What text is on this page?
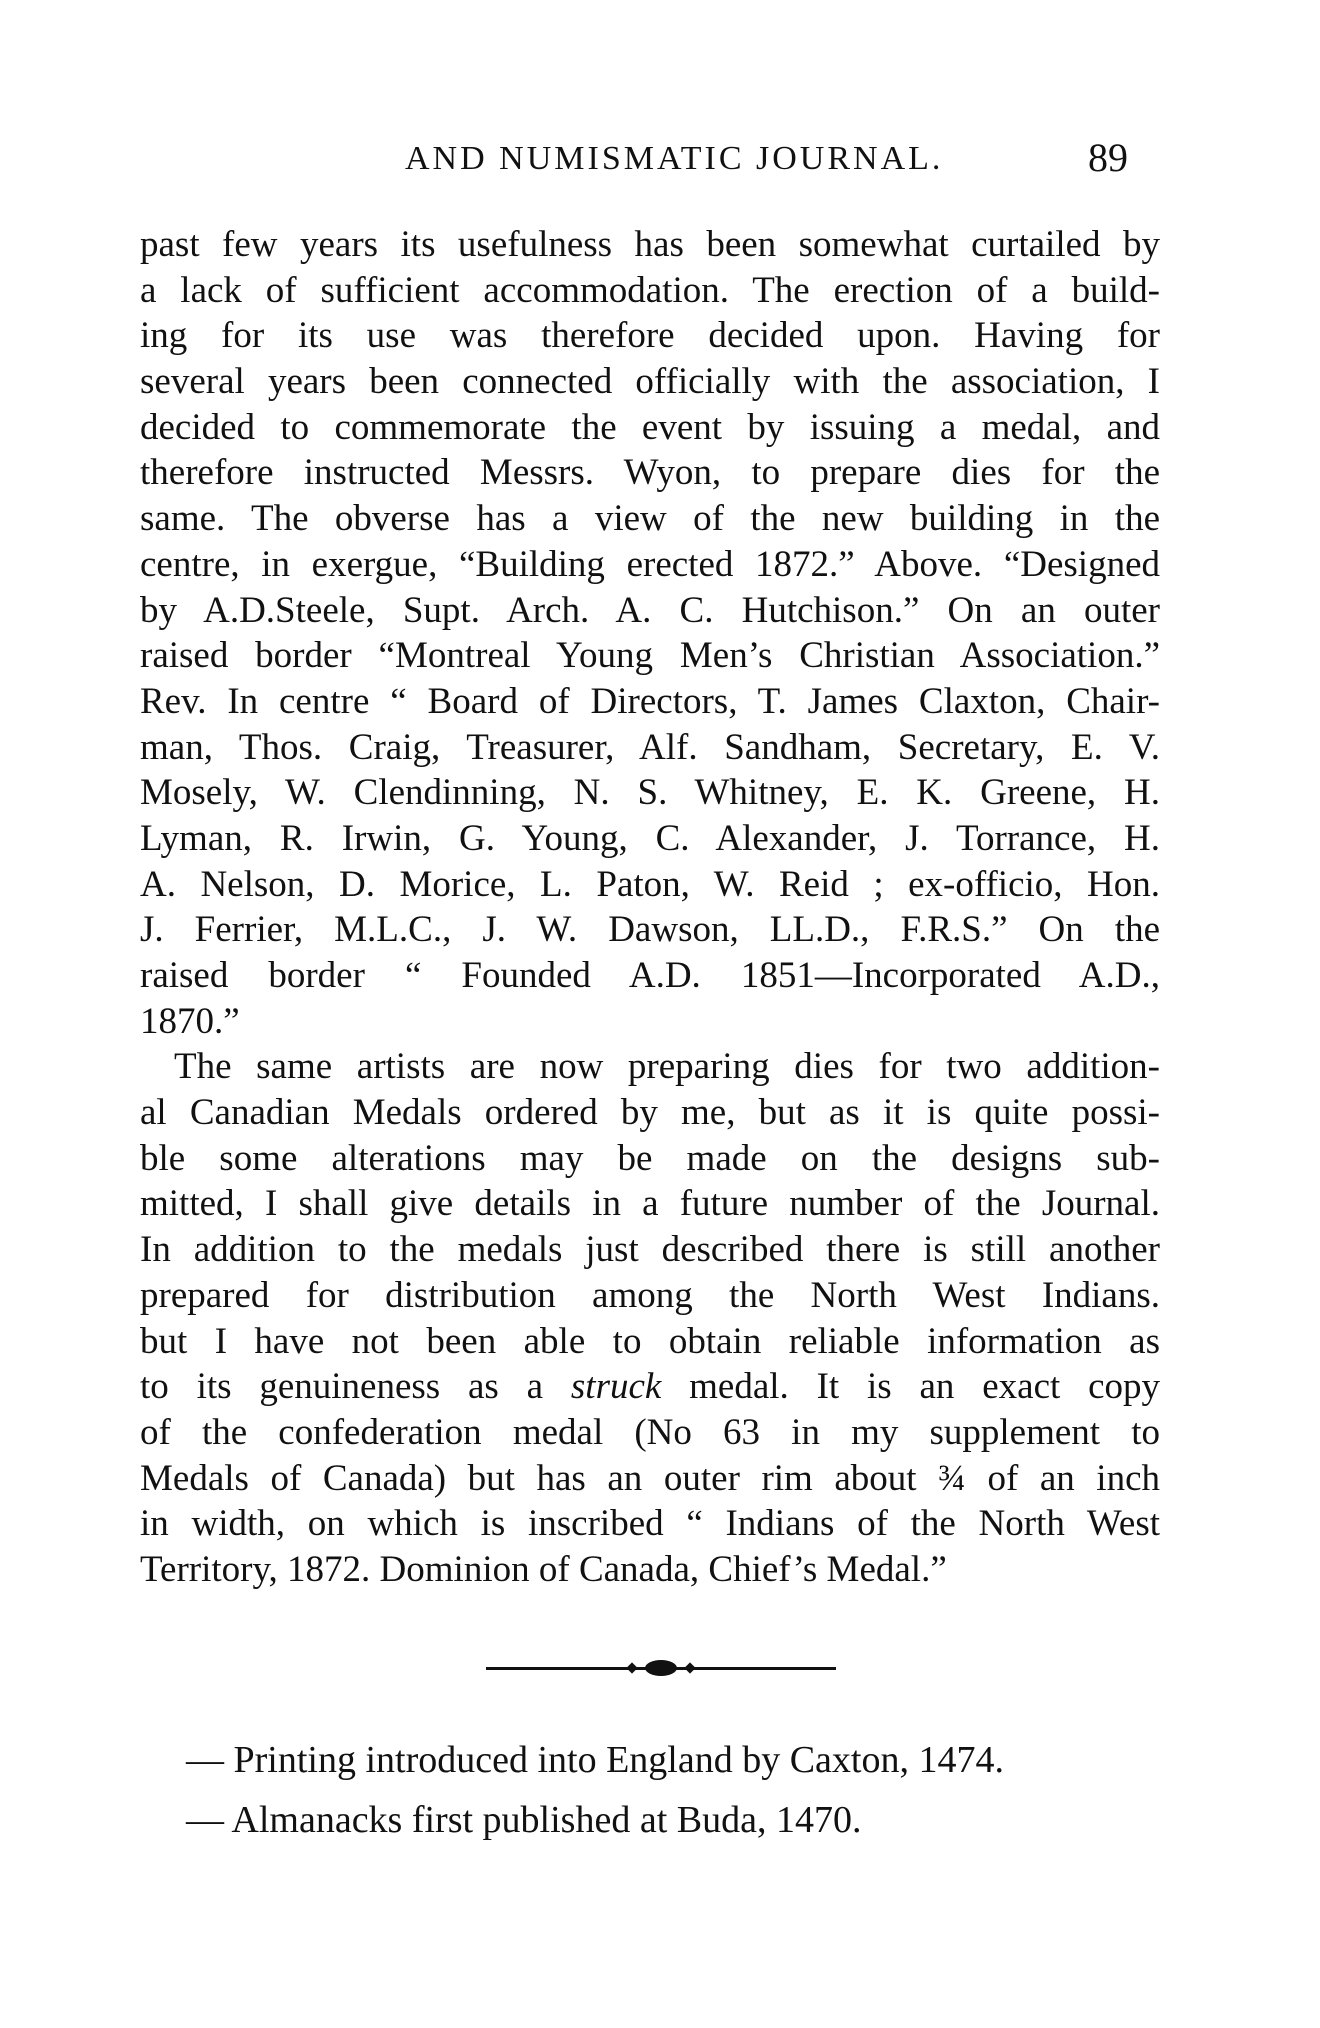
AND NUMISMATIC JOURNAL.	89
past few years its usefulness has been somewhat curtailed by
a lack of sufficient accommodation. The erection of a build-
ing for its use was therefore decided upon. Having for
several years been connected officially with the association, I
decided to commemorate the event by issuing a medal, and
therefore instructed Messrs. Wyon, to prepare dies for the
same. The obverse has a view of the new building in the
centre, in exergue, “Building erected 1872.” Above. “Designed
by A.D.Steele, Supt. Arch. A. C. Hutchison.” On an outer
raised border “Montreal Young Men’s Christian Association.”
Rev. In centre “ Board of Directors, T. James Claxton, Chair-
man, Thos. Craig, Treasurer, Alf. Sandham, Secretary, E. V.
Mosely, W. Clendinning, N. S. Whitney, E. K. Greene, H.
Lyman, R. Irwin, G. Young, C. Alexander, J. Torrance, H.
A. Nelson, D. Morice, L. Paton, W. Reid ; ex-officio, Hon.
J. Ferrier, M.L.C., J. W. Dawson, LL.D., F.R.S.” On the
raised border “ Founded A.D. 1851—Incorporated A.D.,
1870.”
The same artists are now preparing dies for two addition-
al Canadian Medals ordered by me, but as it is quite possi-
ble some alterations may be made on the designs sub-
mitted, I shall give details in a future number of the Journal.
In addition to the medals just described there is still another
prepared for distribution among the North West Indians.
but I have not been able to obtain reliable information as
to its genuineness as a struck medal. It is an exact copy
of the confederation medal (No 63 in my supplement to
Medals of Canada) but has an outer rim about ¾ of an inch
in width, on which is inscribed “ Indians of the North West
Territory, 1872. Dominion of Canada, Chief’s Medal.”
— Printing introduced into England by Caxton, 1474.
— Almanacks first published at Buda, 1470.
